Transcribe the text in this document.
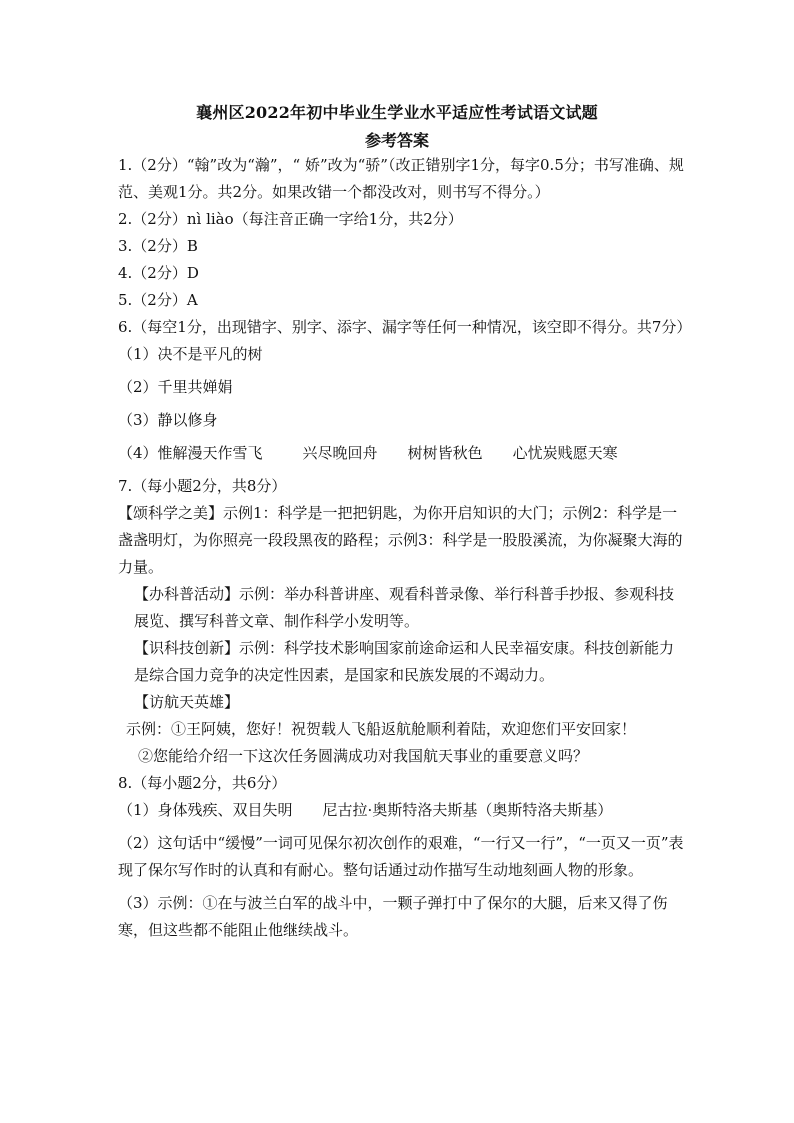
襄州区2022年初中毕业生学业水平适应性考试语文试题
参考答案

1.（2分）“翰”改为“瀚”，“ 娇”改为“骄”（改正错别字1分，每字0.5分；书写准确、规范、美观1分。共2分。如果改错一个都没改对，则书写不得分。）

2.（2分）nì liào（每注音正确一字给1分，共2分）

3.（2分）B

4.（2分）D

5.（2分）A

6.（每空1分，出现错字、别字、添字、漏字等任何一种情况，该空即不得分。共7分）

（1）决不是平凡的树

（2）千里共婵娟

（3）静以修身

（4）惟解漫天作雪飞	兴尽晚回舟 树树皆秋色 心忧炭贱愿天寒

7.（每小题2分，共8分）

【颂科学之美】示例1：科学是一把把钥匙，为你开启知识的大门；示例2：科学是一盏盏明灯，为你照亮一段段黑夜的路程；示例3：科学是一股股溪流，为你凝聚大海的力量。

【办科普活动】示例：举办科普讲座、观看科普录像、举行科普手抄报、参观科技展览、撰写科普文章、制作科学小发明等。

【识科技创新】示例：科学技术影响国家前途命运和人民幸福安康。科技创新能力是综合国力竞争的决定性因素，是国家和民族发展的不竭动力。

【访航天英雄】

示例：①王阿姨，您好！祝贺载人飞船返航舱顺利着陆，欢迎您们平安回家！

②您能给介绍一下这次任务圆满成功对我国航天事业的重要意义吗？

8.（每小题2分，共6分）

（1）身体残疾、双目失明 尼古拉·奥斯特洛夫斯基（奥斯特洛夫斯基）

（2）这句话中“缓慢”一词可见保尔初次创作的艰难，“一行又一行”，“一页又一页”表现了保尔写作时的认真和有耐心。整句话通过动作描写生动地刻画人物的形象。

（3）示例：①在与波兰白军的战斗中，一颗子弹打中了保尔的大腿，后来又得了伤寒，但这些都不能阻止他继续战斗。
